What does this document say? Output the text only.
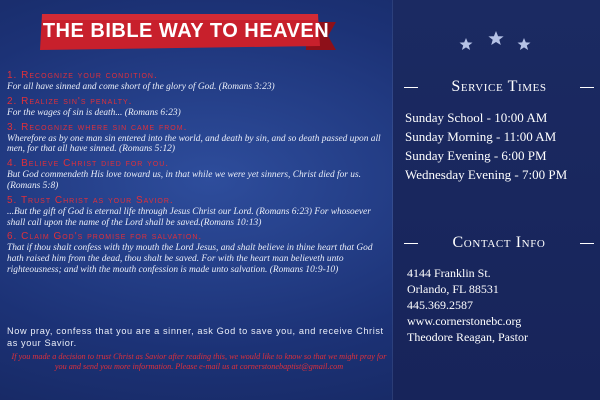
THE BIBLE WAY TO HEAVEN
1. Recognize your condition.
For all have sinned and come short of the glory of God. (Romans 3:23)
2. Realize sin's penalty.
For the wages of sin is death... (Romans 6:23)
3. Recognize where sin came from.
Wherefore as by one man sin entered into the world, and death by sin, and so death passed upon all men, for that all have sinned. (Romans 5:12)
4. Believe Christ died for you.
But God commendeth His love toward us, in that while we were yet sinners, Christ died for us. (Romans 5:8)
5. Trust Christ as your Savior.
...But the gift of God is eternal life through Jesus Christ our Lord. (Romans 6:23) For whosoever shall call upon the name of the Lord shall be saved.(Romans 10:13)
6. Claim God's promise for salvation.
That if thou shalt confess with thy mouth the Lord Jesus, and shalt believe in thine heart that God hath raised him from the dead, thou shalt be saved. For with the heart man believeth unto righteousness; and with the mouth confession is made unto salvation. (Romans 10:9-10)
Now pray, confess that you are a sinner, ask God to save you, and receive Christ as your Savior.
If you made a decision to trust Christ as Savior after reading this, we would like to know so that we might pray for you and send you more information. Please e-mail us at cornerstonebaptist@gmail.com
Service Times
Sunday School - 10:00 AM
Sunday Morning - 11:00 AM
Sunday Evening - 6:00 PM
Wednesday Evening - 7:00 PM
Contact Info
4144 Franklin St.
Orlando, FL 88531
445.369.2587
www.cornerstonebc.org
Theodore Reagan, Pastor
